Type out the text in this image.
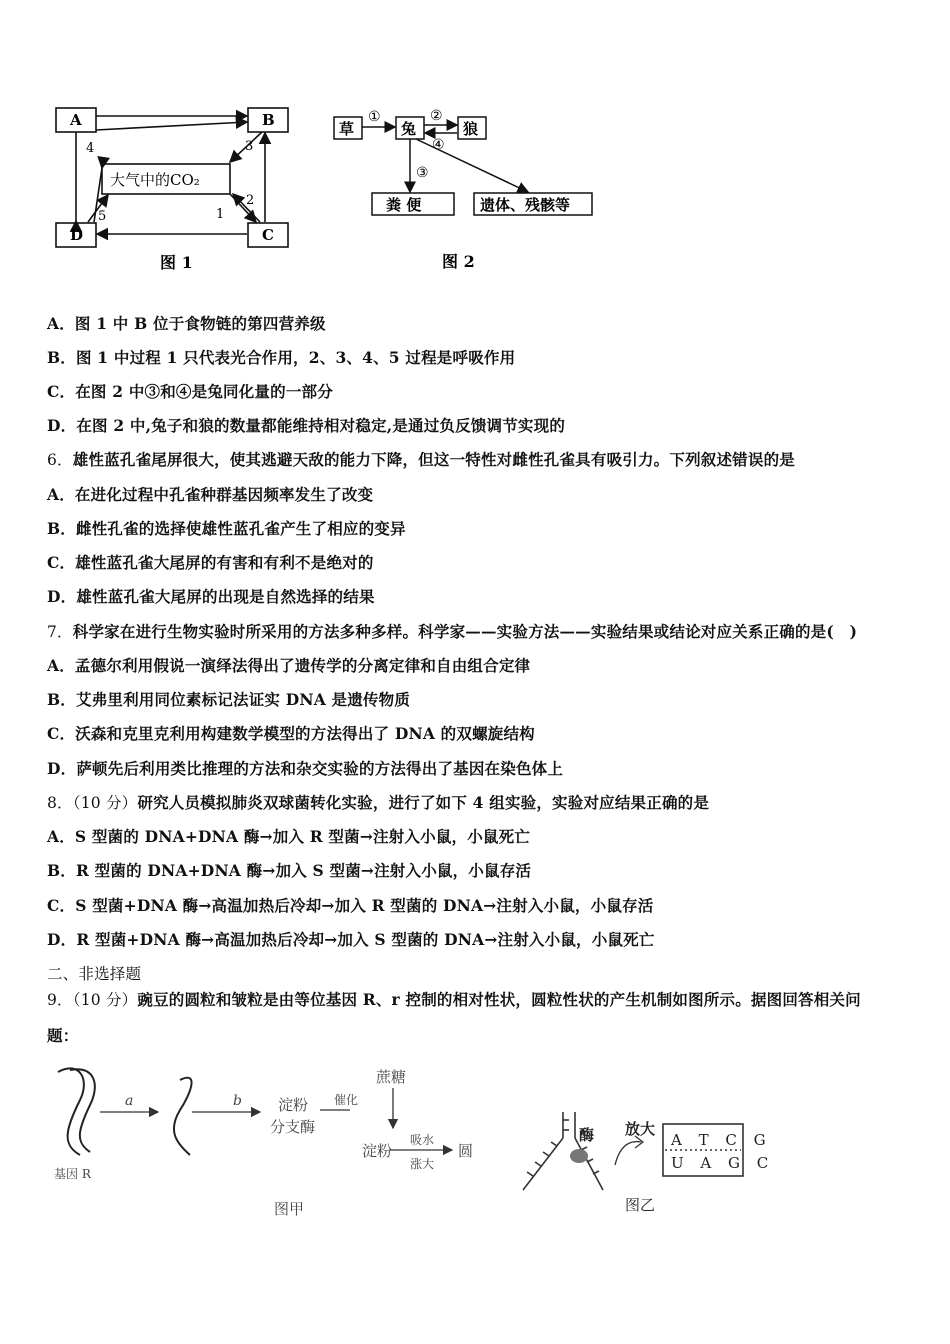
A	B
D	C
大气中的CO₂
4	3
2
1
5
图 1
草	兔	狼
粪 便	遗体、残骸等
①	②
④
③
图 2
A．图 1 中 B 位于食物链的第四营养级
B．图 1 中过程 1 只代表光合作用，2、3、4、5 过程是呼吸作用
C．在图 2 中③和④是兔同化量的一部分
D．在图 2 中,兔子和狼的数量都能维持相对稳定,是通过负反馈调节实现的
6．雄性蓝孔雀尾屏很大，使其逃避天敌的能力下降，但这一特性对雌性孔雀具有吸引力。下列叙述错误的是
A．在进化过程中孔雀种群基因频率发生了改变
B．雌性孔雀的选择使雄性蓝孔雀产生了相应的变异
C．雄性蓝孔雀大尾屏的有害和有利不是绝对的
D．雄性蓝孔雀大尾屏的出现是自然选择的结果
7．科学家在进行生物实验时所采用的方法多种多样。科学家——实验方法——实验结果或结论对应关系正确的是(　)
A．孟德尔利用假说一演绎法得出了遗传学的分离定律和自由组合定律
B．艾弗里利用同位素标记法证实 DNA 是遗传物质
C．沃森和克里克利用构建数学模型的方法得出了 DNA 的双螺旋结构
D．萨顿先后利用类比推理的方法和杂交实验的方法得出了基因在染色体上
8．（10 分）研究人员模拟肺炎双球菌转化实验，进行了如下 4 组实验，实验对应结果正确的是
A．S 型菌的 DNA+DNA 酶→加入 R 型菌→注射入小鼠，小鼠死亡
B．R 型菌的 DNA+DNA 酶→加入 S 型菌→注射入小鼠，小鼠存活
C．S 型菌+DNA 酶→高温加热后冷却→加入 R 型菌的 DNA→注射入小鼠，小鼠存活
D．R 型菌+DNA 酶→高温加热后冷却→加入 S 型菌的 DNA→注射入小鼠，小鼠死亡
二、非选择题
9．（10 分）豌豆的圆粒和皱粒是由等位基因 R、r 控制的相对性状，圆粒性状的产生机制如图所示。据图回答相关问
题：
基因 R
a	b 淀粉
分支酶
催化
蔗糖
淀粉
吸水
涨大
圆
图甲
酶 放大
A T C G
U A G C
图乙
